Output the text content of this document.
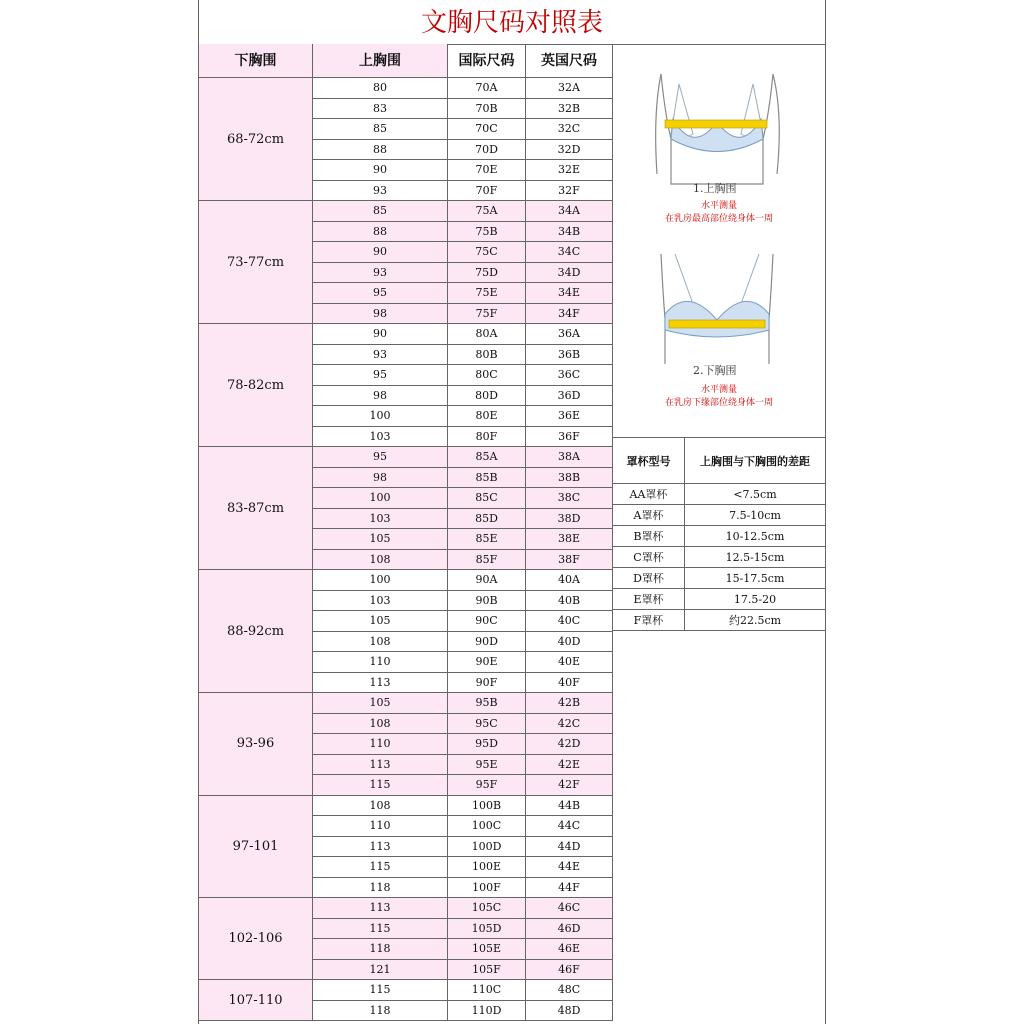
文胸尺码对照表
下胸围	上胸围	国际尺码	英国尺码
1.上胸围
水平测量
在乳房最高部位绕身体一周
2.下胸围
水平测量
在乳房下缘部位绕身体一周
罩杯型号	上胸围与下胸围的差距
AA罩杯	<7.5cm
A罩杯	7.5-10cm
B罩杯	10-12.5cm
C罩杯	12.5-15cm
D罩杯	15-17.5cm
E罩杯	17.5-20
F罩杯	约22.5cm
68-72cm
80	70A	32A
83	70B	32B
85	70C	32C
88	70D	32D
90	70E	32E
93	70F	32F
73-77cm
85	75A	34A
88	75B	34B
90	75C	34C
93	75D	34D
95	75E	34E
98	75F	34F
78-82cm
90	80A	36A
93	80B	36B
95	80C	36C
98	80D	36D
100	80E	36E
103	80F	36F
83-87cm
95	85A	38A
98	85B	38B
100	85C	38C
103	85D	38D
105	85E	38E
108	85F	38F
88-92cm
100	90A	40A
103	90B	40B
105	90C	40C
108	90D	40D
110	90E	40E
113	90F	40F
93-96
105	95B	42B
108	95C	42C
110	95D	42D
113	95E	42E
115	95F	42F
97-101
108	100B	44B
110	100C	44C
113	100D	44D
115	100E	44E
118	100F	44F
102-106
113	105C	46C
115	105D	46D
118	105E	46E
121	105F	46F
107-110
115	110C	48C
118	110D	48D
